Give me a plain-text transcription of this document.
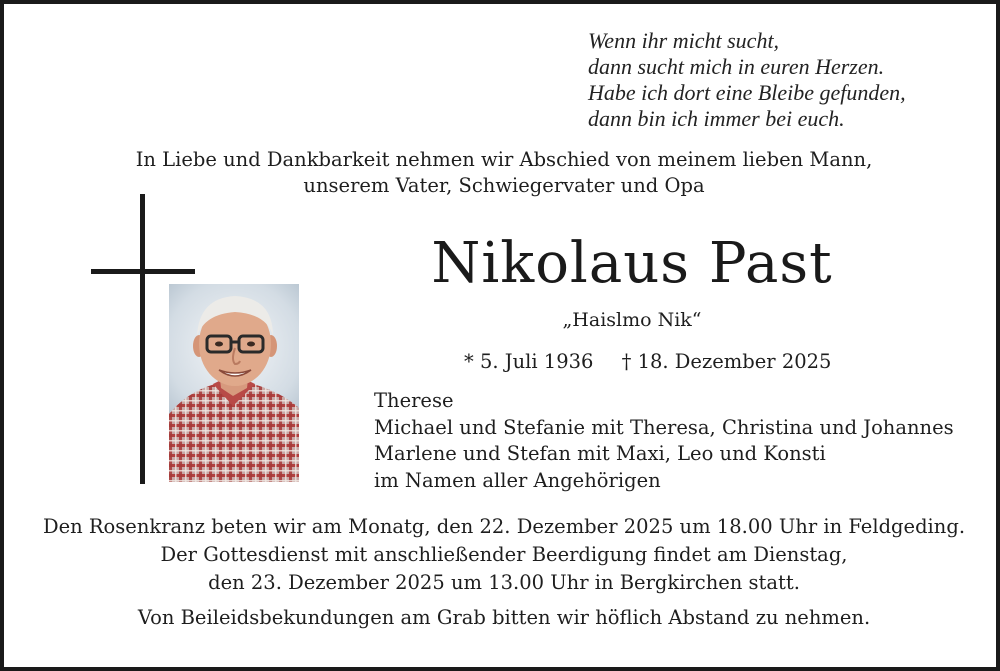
Wenn ihr micht sucht,
dann sucht mich in euren Herzen.
Habe ich dort eine Bleibe gefunden,
dann bin ich immer bei euch.
In Liebe und Dankbarkeit nehmen wir Abschied von meinem lieben Mann,
unserem Vater, Schwiegervater und Opa
Nikolaus Past
„Haislmo Nik“
* 5. Juli 1936 † 18. Dezember 2025
Therese
Michael und Stefanie mit Theresa, Christina und Johannes
Marlene und Stefan mit Maxi, Leo und Konsti
im Namen aller Angehörigen
Den Rosenkranz beten wir am Monatg, den 22. Dezember 2025 um 18.00 Uhr in Feldgeding.
Der Gottesdienst mit anschließender Beerdigung findet am Dienstag,
den 23. Dezember 2025 um 13.00 Uhr in Bergkirchen statt.
Von Beileidsbekundungen am Grab bitten wir höflich Abstand zu nehmen.
